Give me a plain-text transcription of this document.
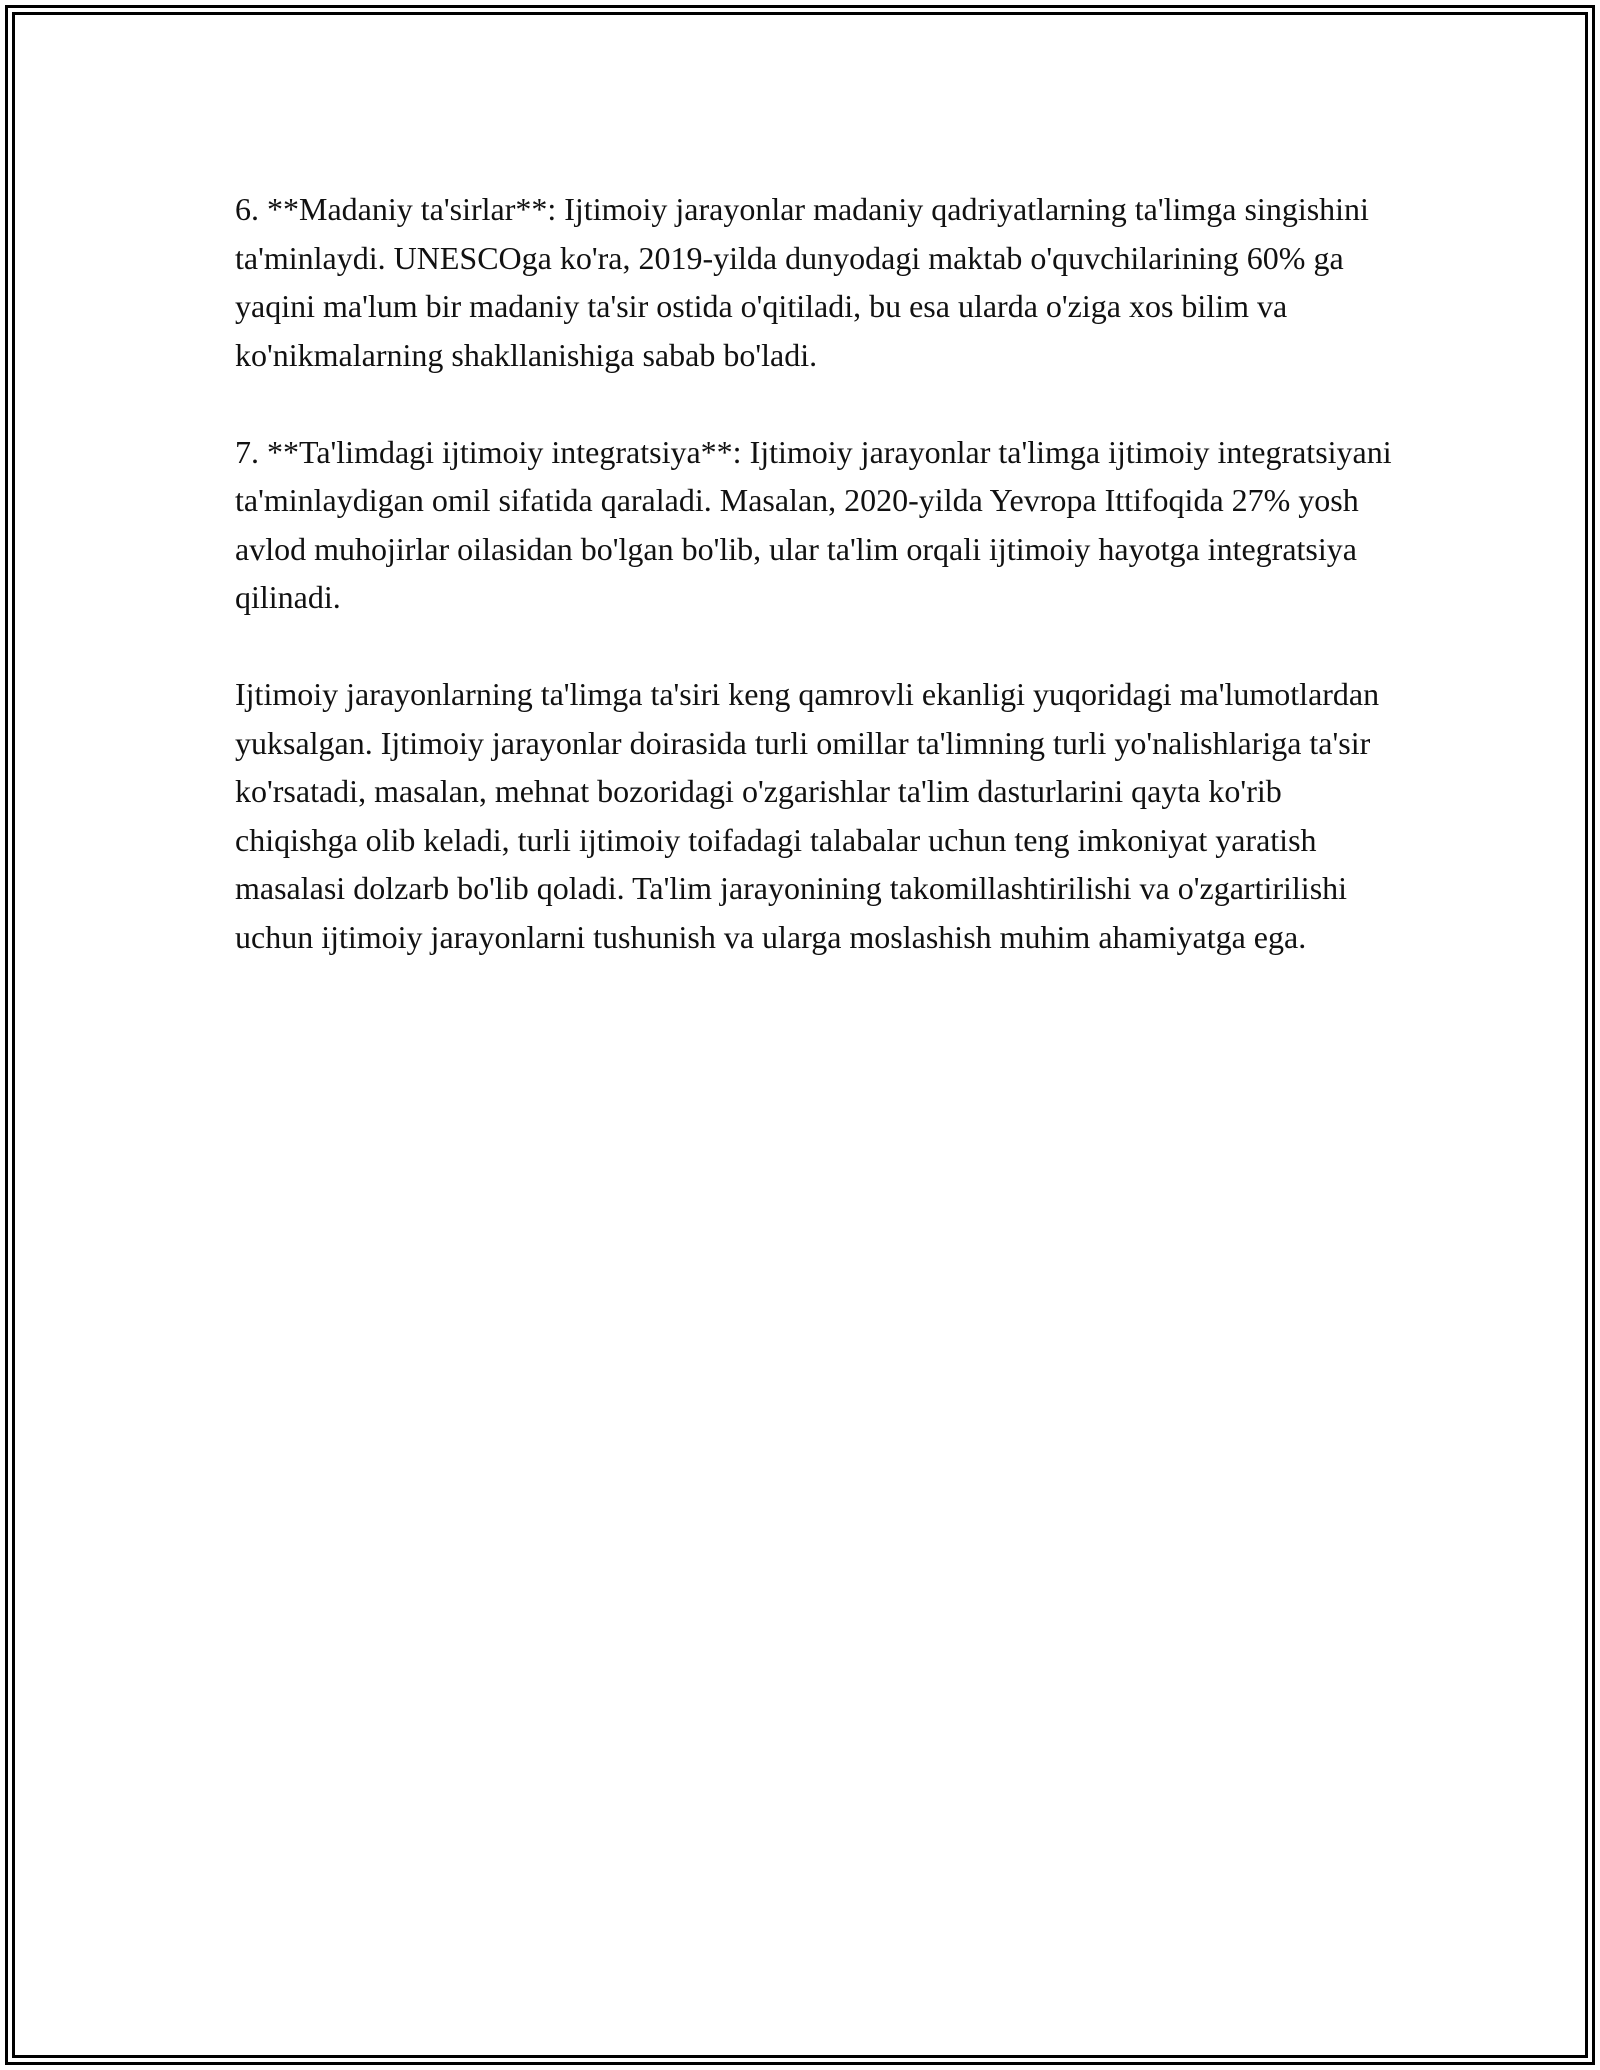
6. **Madaniy ta'sirlar**: Ijtimoiy jarayonlar madaniy qadriyatlarning ta'limga singishini ta'minlaydi. UNESCOga ko'ra, 2019-yilda dunyodagi maktab o'quvchilarining 60% ga yaqini ma'lum bir madaniy ta'sir ostida o'qitiladi, bu esa ularda o'ziga xos bilim va ko'nikmalarning shakllanishiga sabab bo'ladi.

7. **Ta'limdagi ijtimoiy integratsiya**: Ijtimoiy jarayonlar ta'limga ijtimoiy integratsiyani ta'minlaydigan omil sifatida qaraladi. Masalan, 2020-yilda Yevropa Ittifoqida 27% yosh avlod muhojirlar oilasidan bo'lgan bo'lib, ular ta'lim orqali ijtimoiy hayotga integratsiya qilinadi.

Ijtimoiy jarayonlarning ta'limga ta'siri keng qamrovli ekanligi yuqoridagi ma'lumotlardan yuksalgan. Ijtimoiy jarayonlar doirasida turli omillar ta'limning turli yo'nalishlariga ta'sir ko'rsatadi, masalan, mehnat bozoridagi o'zgarishlar ta'lim dasturlarini qayta ko'rib chiqishga olib keladi, turli ijtimoiy toifadagi talabalar uchun teng imkoniyat yaratish masalasi dolzarb bo'lib qoladi. Ta'lim jarayonining takomillashtirilishi va o'zgartirilishi uchun ijtimoiy jarayonlarni tushunish va ularga moslashish muhim ahamiyatga ega.
